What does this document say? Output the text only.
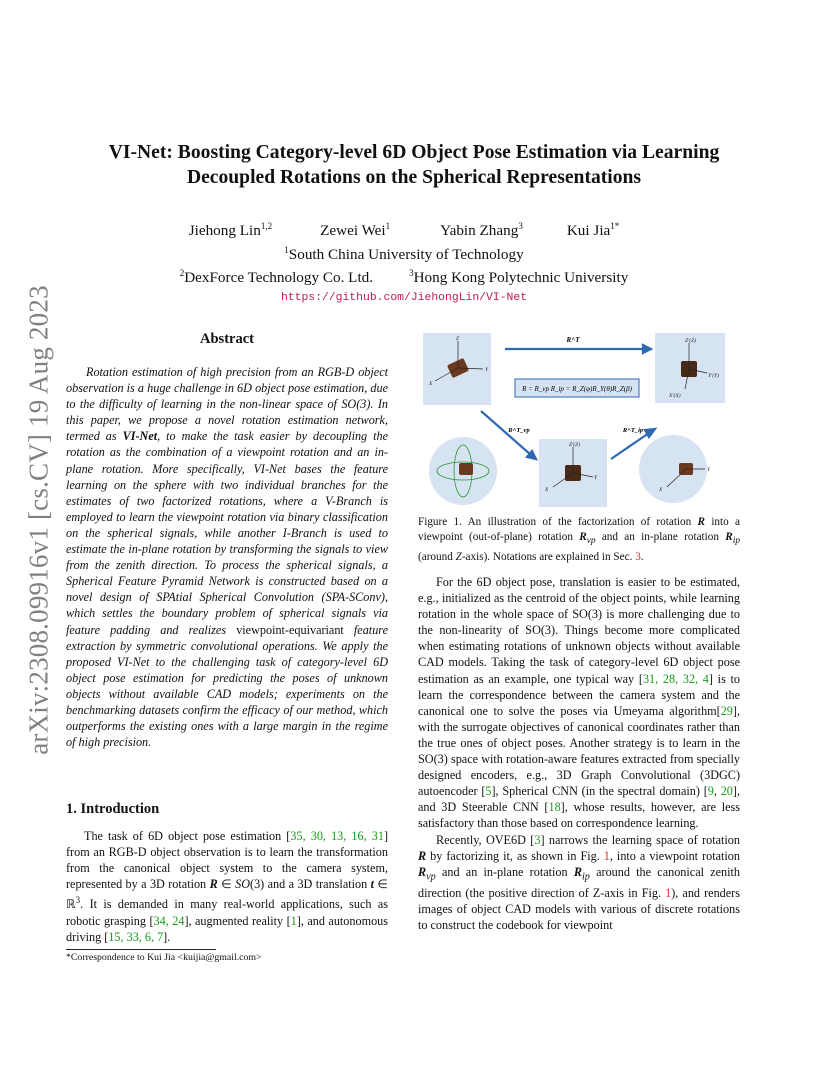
arXiv:2308.09916v1 [cs.CV] 19 Aug 2023
VI-Net: Boosting Category-level 6D Object Pose Estimation via Learning
Decoupled Rotations on the Spherical Representations
Jiehong Lin$^{1,2}$	Zewei Wei$^1$	Yabin Zhang$^3$	Kui Jia$^{1*}$
$^1$South China University of Technology
$^2$DexForce Technology Co. Ltd.	$^3$Hong Kong Polytechnic University
https://github.com/JiehongLin/VI-Net
Abstract
Rotation estimation of high precision from an RGB-D object observation is a huge challenge in 6D object pose estimation, due to the difficulty of learning in the non-linear space of SO(3). In this paper, we propose a novel rotation estimation network, termed as VI-Net, to make the task easier by decoupling the rotation as the combination of a viewpoint rotation and an in-plane rotation. More specifically, VI-Net bases the feature learning on the sphere with two individual branches for the estimates of two factorized rotations, where a V-Branch is employed to learn the viewpoint rotation via binary classification on the spherical signals, while another I-Branch is used to estimate the in-plane rotation by transforming the signals to view from the zenith direction. To process the spherical signals, a Spherical Feature Pyramid Network is constructed based on a novel design of SPAtial Spherical Convolution (SPA-SConv), which settles the boundary problem of spherical signals via feature padding and realizes viewpoint-equivariant feature extraction by symmetric convolutional operations. We apply the proposed VI-Net to the challenging task of category-level 6D object pose estimation for predicting the poses of unknown objects without available CAD models; experiments on the benchmarking datasets confirm the efficacy of our method, which outperforms the existing ones with a large margin in the regime of high precision.
1. Introduction

The task of 6D object pose estimation [35, 30, 13, 16, 31] from an RGB-D object observation is to learn the transformation from the canonical object system to the camera system, represented by a 3D rotation R ∈ SO(3) and a 3D translation t ∈ ℝ$^3$. It is demanded in many real-world applications, such as robotic grasping [34, 24], augmented reality [1], and autonomous driving [15, 33, 6, 7].

*Correspondence to Kui Jia <kuijia@gmail.com>
R = R_vp R_ip = R_Z(φ)R_Y(θ)R_Z(β)
R^T
R^T_vp	R^T_ip
Z
Y
X
Z'(Z)
Y'(Y)
X'(X)
Z'(Z)
Y
X
Y
X
Figure 1. An illustration of the factorization of rotation R into a viewpoint (out-of-plane) rotation $R_{vp}$ and an in-plane rotation $R_{ip}$ (around Z-axis). Notations are explained in Sec. 3.

For the 6D object pose, translation is easier to be estimated, e.g., initialized as the centroid of the object points, while learning rotation in the whole space of SO(3) is more challenging due to the non-linearity of SO(3). Things become more complicated when estimating rotations of unknown objects without available CAD models. Taking the task of category-level 6D object pose estimation as an example, one typical way [31, 28, 32, 4] is to learn the correspondence between the camera system and the canonical one to solve the poses via Umeyama algorithm[29], with the surrogate objectives of canonical coordinates rather than the true ones of object poses. Another strategy is to learn in the SO(3) space with rotation-aware features extracted from specially designed encoders, e.g., 3D Graph Convolutional (3DGC) autoencoder [5], Spherical CNN (in the spectral domain) [9, 20], and 3D Steerable CNN [18], whose results, however, are less satisfactory than those based on correspondence learning.

Recently, OVE6D [3] narrows the learning space of rotation R by factorizing it, as shown in Fig. 1, into a viewpoint rotation $R_{vp}$ and an in-plane rotation $R_{ip}$ around the canonical zenith direction (the positive direction of Z-axis in Fig. 1), and renders images of object CAD models with various of discrete rotations to construct the codebook for viewpoint
